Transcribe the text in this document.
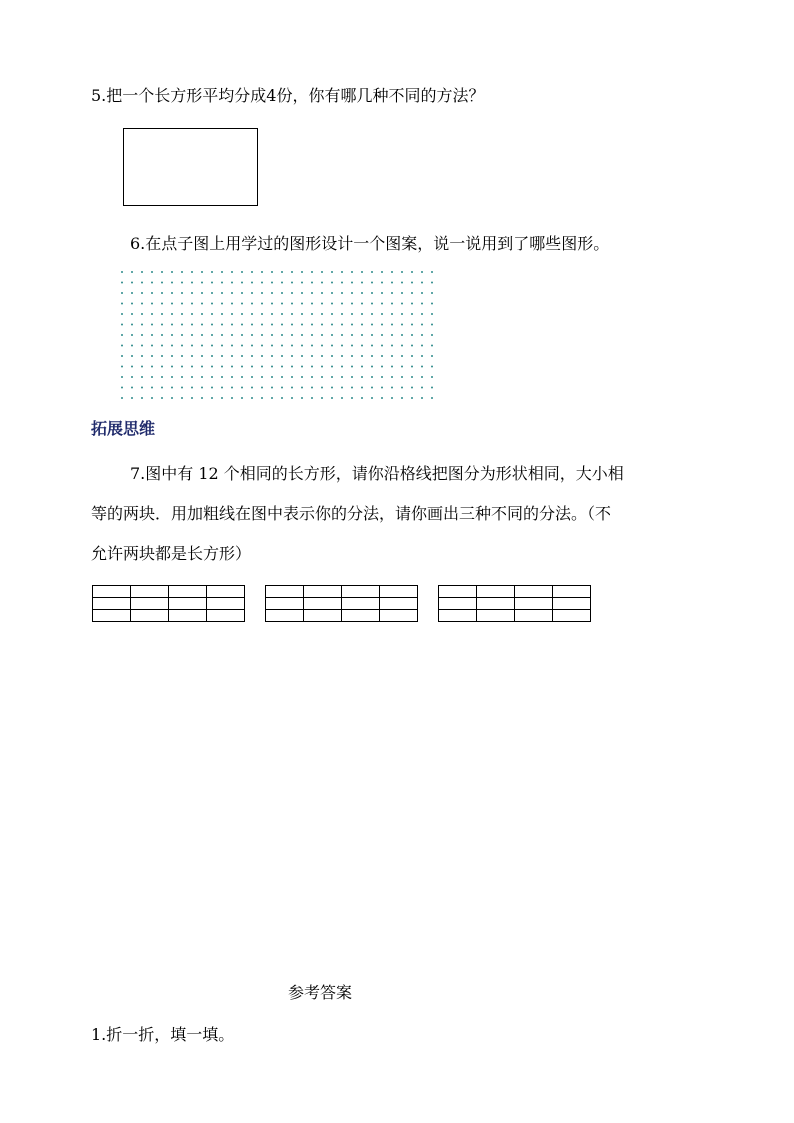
5.把一个长方形平均分成4份，你有哪几种不同的方法？
6.在点子图上用学过的图形设计一个图案，说一说用到了哪些图形。
拓展思维
7.图中有 12 个相同的长方形，请你沿格线把图分为形状相同，大小相
等的两块．用加粗线在图中表示你的分法，请你画出三种不同的分法。（不
允许两块都是长方形）

参考答案
1.折一折，填一填。
